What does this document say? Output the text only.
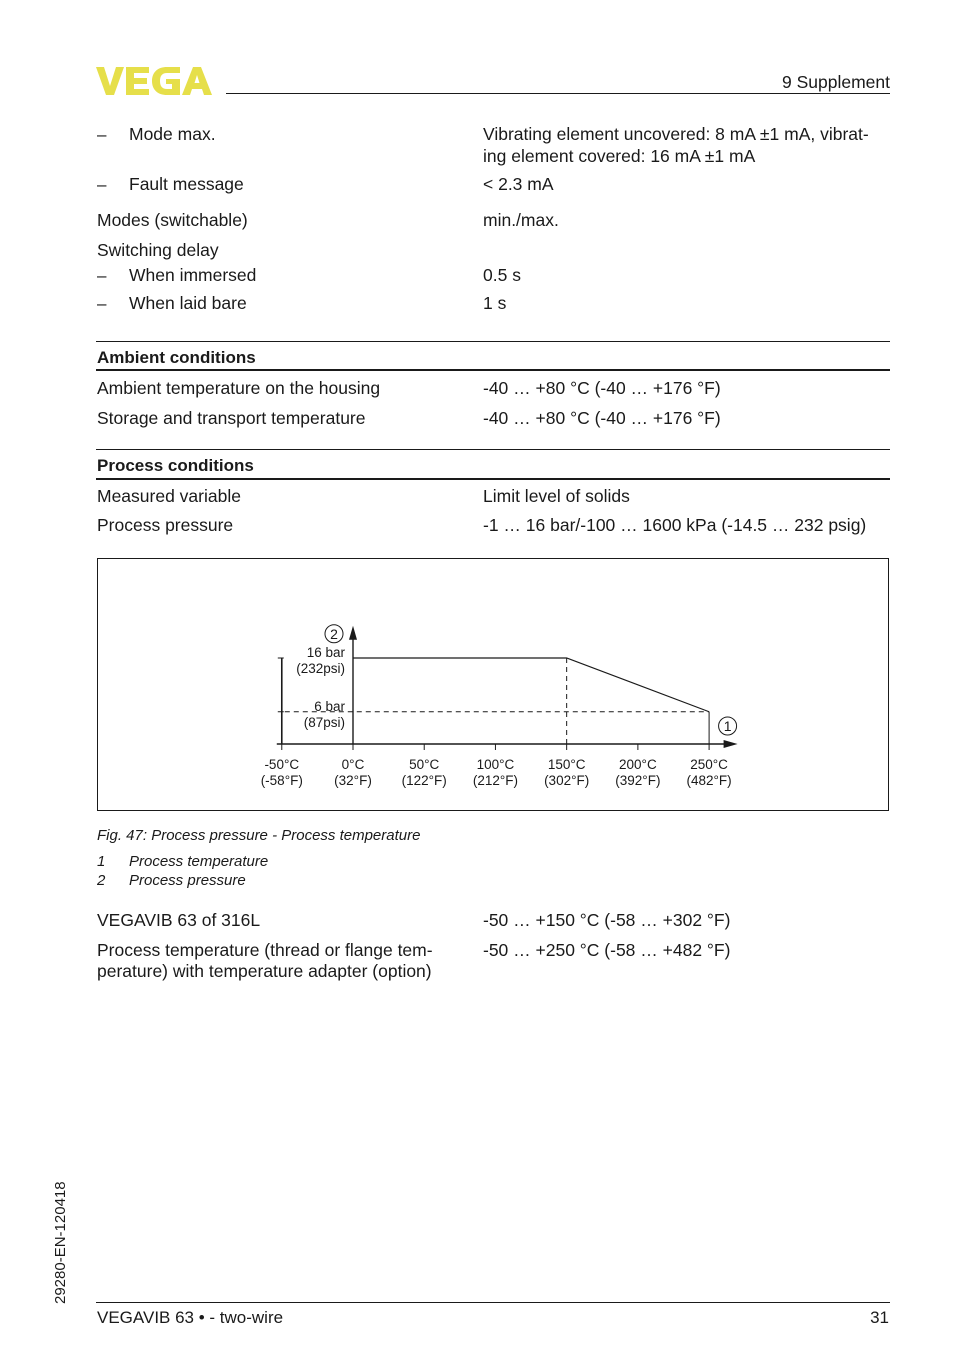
9 Supplement
– Mode max.	Vibrating element uncovered: 8 mA ±1 mA, vibrat-
ing element covered: 16 mA ±1 mA
– Fault message	< 2.3 mA
Modes (switchable)	min./max.
Switching delay
– When immersed	0.5 s
– When laid bare	1 s
Ambient conditions
Ambient temperature on the housing	-40 … +80 °C (-40 … +176 °F)
Storage and transport temperature	-40 … +80 °C (-40 … +176 °F)
Process conditions
Measured variable	Limit level of solids
Process pressure	-1 … 16 bar/-100 … 1600 kPa (-14.5 … 232 psig)
16 bar
(232psi)
6 bar
(87psi)
-50°C
(-58°F)
0°C
(32°F)
50°C
(122°F)
100°C
(212°F)
150°C
(302°F)
200°C
(392°F)
250°C
(482°F)
2
1
Fig. 47: Process pressure - Process temperature
1 Process temperature
2 Process pressure
VEGAVIB 63 of 316L	-50 … +150 °C (-58 … +302 °F)
Process temperature (thread or flange tem-
perature) with temperature adapter (option)
-50 … +250 °C (-58 … +482 °F)
29280-EN-120418
VEGAVIB 63 • - two-wire	31
